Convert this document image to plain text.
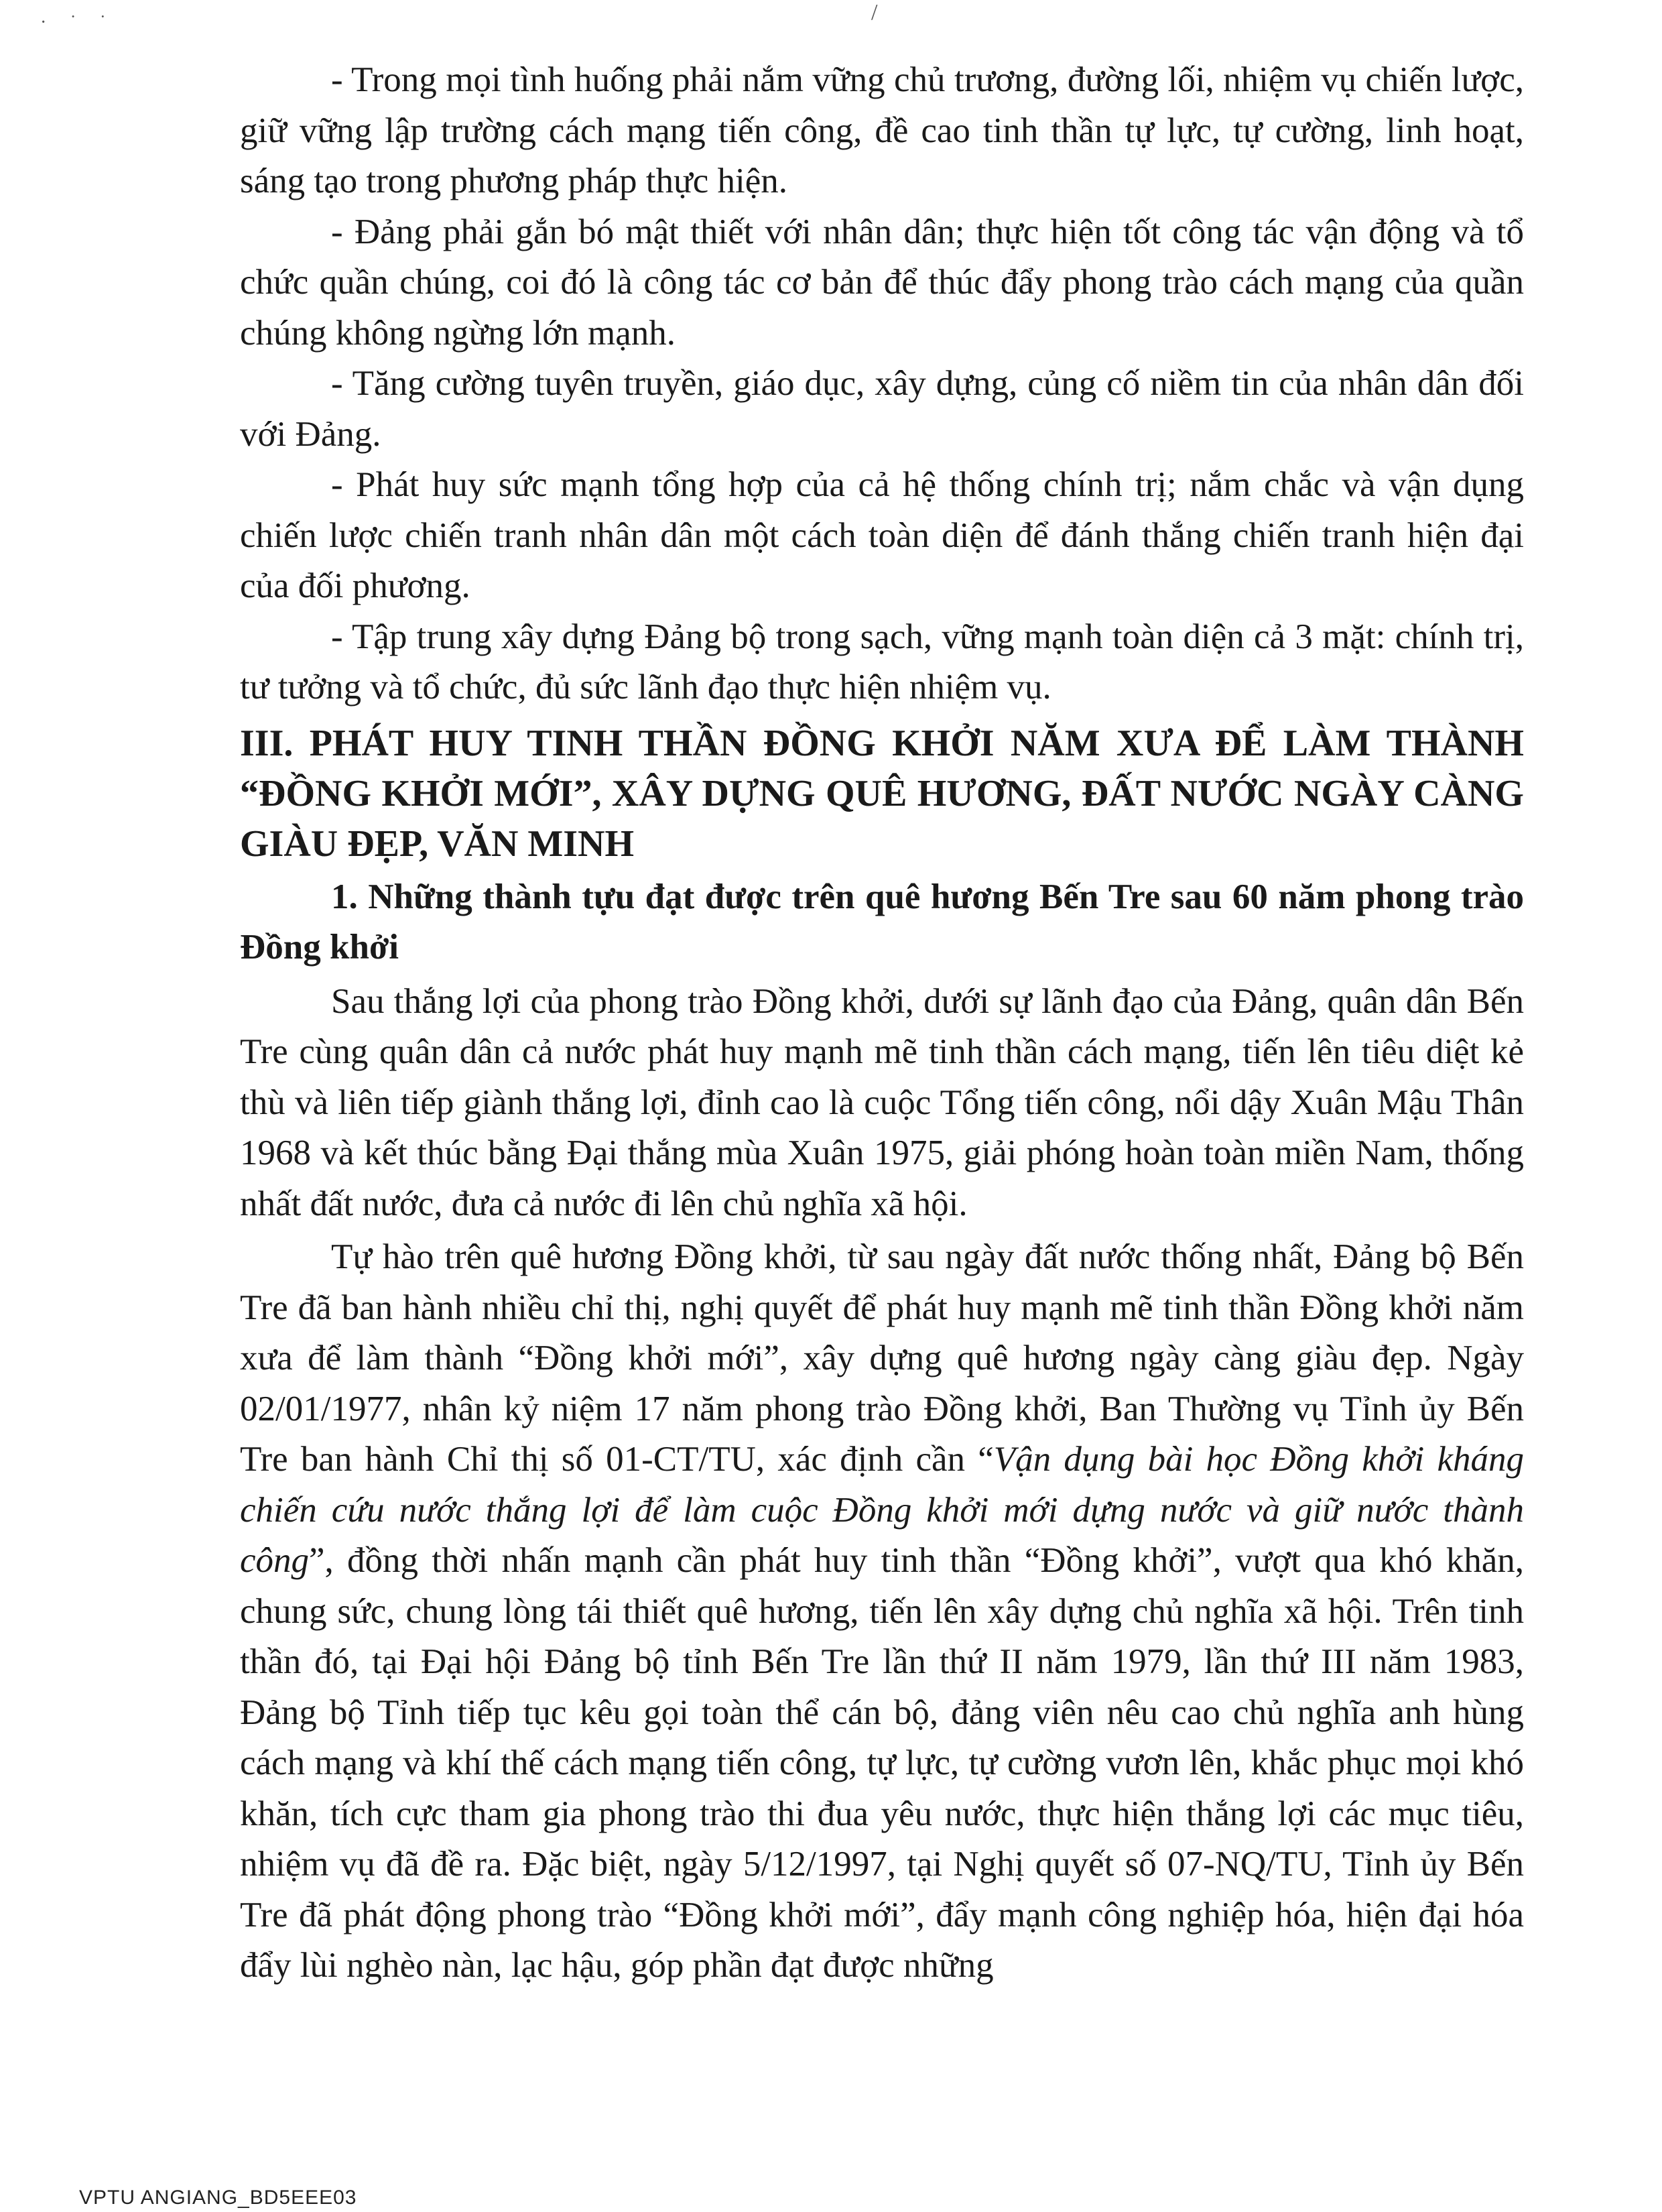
· ˙ ˙	/

- Trong mọi tình huống phải nắm vững chủ trương, đường lối, nhiệm vụ chiến lược, giữ vững lập trường cách mạng tiến công, đề cao tinh thần tự lực, tự cường, linh hoạt, sáng tạo trong phương pháp thực hiện.

- Đảng phải gắn bó mật thiết với nhân dân; thực hiện tốt công tác vận động và tổ chức quần chúng, coi đó là công tác cơ bản để thúc đẩy phong trào cách mạng của quần chúng không ngừng lớn mạnh.

- Tăng cường tuyên truyền, giáo dục, xây dựng, củng cố niềm tin của nhân dân đối với Đảng.

- Phát huy sức mạnh tổng hợp của cả hệ thống chính trị; nắm chắc và vận dụng chiến lược chiến tranh nhân dân một cách toàn diện để đánh thắng chiến tranh hiện đại của đối phương.

- Tập trung xây dựng Đảng bộ trong sạch, vững mạnh toàn diện cả 3 mặt: chính trị, tư tưởng và tổ chức, đủ sức lãnh đạo thực hiện nhiệm vụ.

III. PHÁT HUY TINH THẦN ĐỒNG KHỞI NĂM XƯA ĐỂ LÀM THÀNH “ĐỒNG KHỞI MỚI”, XÂY DỰNG QUÊ HƯƠNG, ĐẤT NƯỚC NGÀY CÀNG GIÀU ĐẸP, VĂN MINH

1. Những thành tựu đạt được trên quê hương Bến Tre sau 60 năm phong trào Đồng khởi

Sau thắng lợi của phong trào Đồng khởi, dưới sự lãnh đạo của Đảng, quân dân Bến Tre cùng quân dân cả nước phát huy mạnh mẽ tinh thần cách mạng, tiến lên tiêu diệt kẻ thù và liên tiếp giành thắng lợi, đỉnh cao là cuộc Tổng tiến công, nổi dậy Xuân Mậu Thân 1968 và kết thúc bằng Đại thắng mùa Xuân 1975, giải phóng hoàn toàn miền Nam, thống nhất đất nước, đưa cả nước đi lên chủ nghĩa xã hội.

Tự hào trên quê hương Đồng khởi, từ sau ngày đất nước thống nhất, Đảng bộ Bến Tre đã ban hành nhiều chỉ thị, nghị quyết để phát huy mạnh mẽ tinh thần Đồng khởi năm xưa để làm thành “Đồng khởi mới”, xây dựng quê hương ngày càng giàu đẹp. Ngày 02/01/1977, nhân kỷ niệm 17 năm phong trào Đồng khởi, Ban Thường vụ Tỉnh ủy Bến Tre ban hành Chỉ thị số 01-CT/TU, xác định cần “Vận dụng bài học Đồng khởi kháng chiến cứu nước thắng lợi để làm cuộc Đồng khởi mới dựng nước và giữ nước thành công”, đồng thời nhấn mạnh cần phát huy tinh thần “Đồng khởi”, vượt qua khó khăn, chung sức, chung lòng tái thiết quê hương, tiến lên xây dựng chủ nghĩa xã hội. Trên tinh thần đó, tại Đại hội Đảng bộ tỉnh Bến Tre lần thứ II năm 1979, lần thứ III năm 1983, Đảng bộ Tỉnh tiếp tục kêu gọi toàn thể cán bộ, đảng viên nêu cao chủ nghĩa anh hùng cách mạng và khí thế cách mạng tiến công, tự lực, tự cường vươn lên, khắc phục mọi khó khăn, tích cực tham gia phong trào thi đua yêu nước, thực hiện thắng lợi các mục tiêu, nhiệm vụ đã đề ra. Đặc biệt, ngày 5/12/1997, tại Nghị quyết số 07-NQ/TU, Tỉnh ủy Bến Tre đã phát động phong trào “Đồng khởi mới”, đẩy mạnh công nghiệp hóa, hiện đại hóa đẩy lùi nghèo nàn, lạc hậu, góp phần đạt được những

VPTU ANGIANG_BD5EEE03
